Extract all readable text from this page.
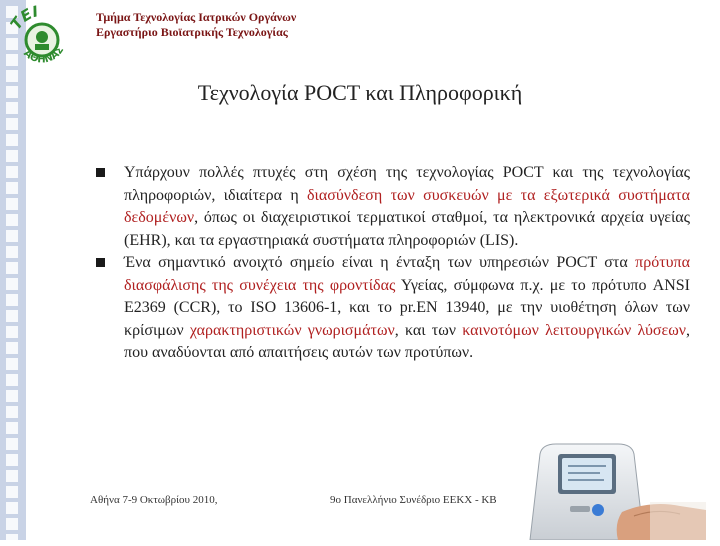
ΤΕΙ
ΑΘΗΝΑΣ
Τμήμα Τεχνολογίας Ιατρικών Οργάνων
Εργαστήριο Βιοϊατρικής Τεχνολογίας
Τεχνολογία POCT και Πληροφορική
Υπάρχουν πολλές πτυχές στη σχέση της τεχνολογίας POCT και της τεχνολογίας πληροφοριών, ιδιαίτερα η διασύνδεση των συσκευών με τα εξωτερικά συστήματα δεδομένων, όπως οι διαχειριστικοί τερματικοί σταθμοί, τα ηλεκτρονικά αρχεία υγείας (EHR), και τα εργαστηριακά συστήματα πληροφοριών (LIS).
Ένα σημαντικό ανοιχτό σημείο είναι η ένταξη των υπηρεσιών POCT στα πρότυπα διασφάλισης της συνέχεια της φροντίδας Υγείας, σύμφωνα π.χ. με το πρότυπο ANSI E2369 (CCR), το ISO 13606-1, και το pr.EN 13940, με την υιοθέτηση όλων των κρίσιμων χαρακτηριστικών γνωρισμάτων, και των καινοτόμων λειτουργικών λύσεων, που αναδύονται από απαιτήσεις αυτών των προτύπων.
Αθήνα 7-9 Οκτωβρίου 2010,	9ο Πανελλήνιο Συνέδριο ΕΕΚΧ - ΚΒ
